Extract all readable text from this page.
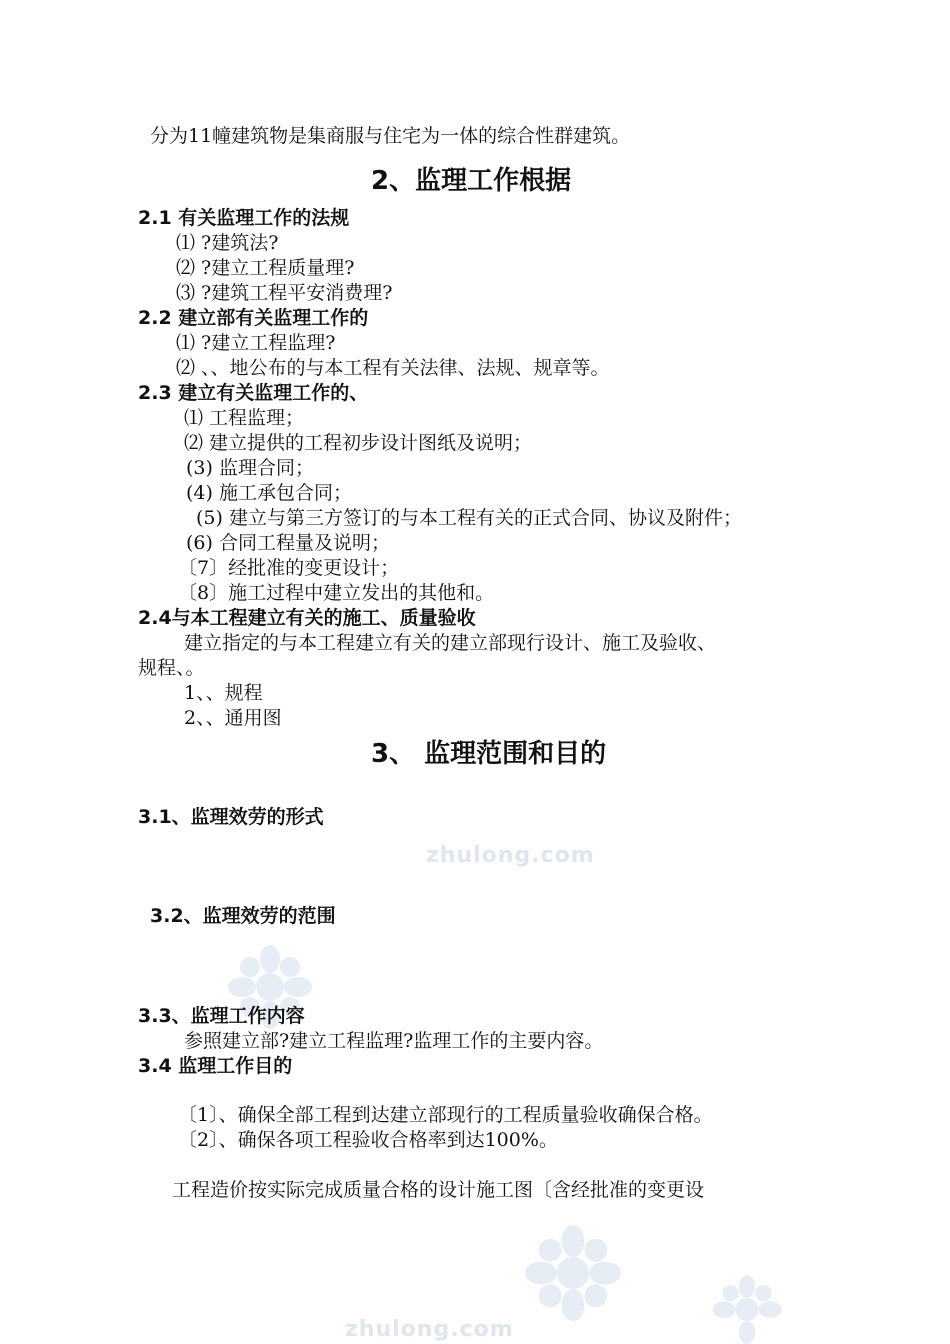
zhulong.com
zhulong.com
分为11幢建筑物是集商服与住宅为一体的综合性群建筑。
2、监理工作根据
2.1 有关监理工作的法规
⑴ ?建筑法?
⑵ ?建立工程质量理?
⑶ ?建筑工程平安消费理?
2.2 建立部有关监理工作的
⑴ ?建立工程监理?
⑵ 、、地公布的与本工程有关法律、法规、规章等。
2.3 建立有关监理工作的、
⑴ 工程监理；
⑵ 建立提供的工程初步设计图纸及说明；
(3) 监理合同；
(4) 施工承包合同；
(5) 建立与第三方签订的与本工程有关的正式合同、协议及附件；
(6) 合同工程量及说明；
〔7〕经批准的变更设计；
〔8〕施工过程中建立发出的其他和。
2.4与本工程建立有关的施工、质量验收
建立指定的与本工程建立有关的建立部现行设计、施工及验收、
规程、。
1、、规程
2、、通用图
3、 监理范围和目的
3.1、监理效劳的形式
3.2、监理效劳的范围
3.3、监理工作内容
参照建立部?建立工程监理?监理工作的主要内容。
3.4 监理工作目的
〔1〕、确保全部工程到达建立部现行的工程质量验收确保合格。
〔2〕、确保各项工程验收合格率到达100%。
工程造价按实际完成质量合格的设计施工图〔含经批准的变更设
